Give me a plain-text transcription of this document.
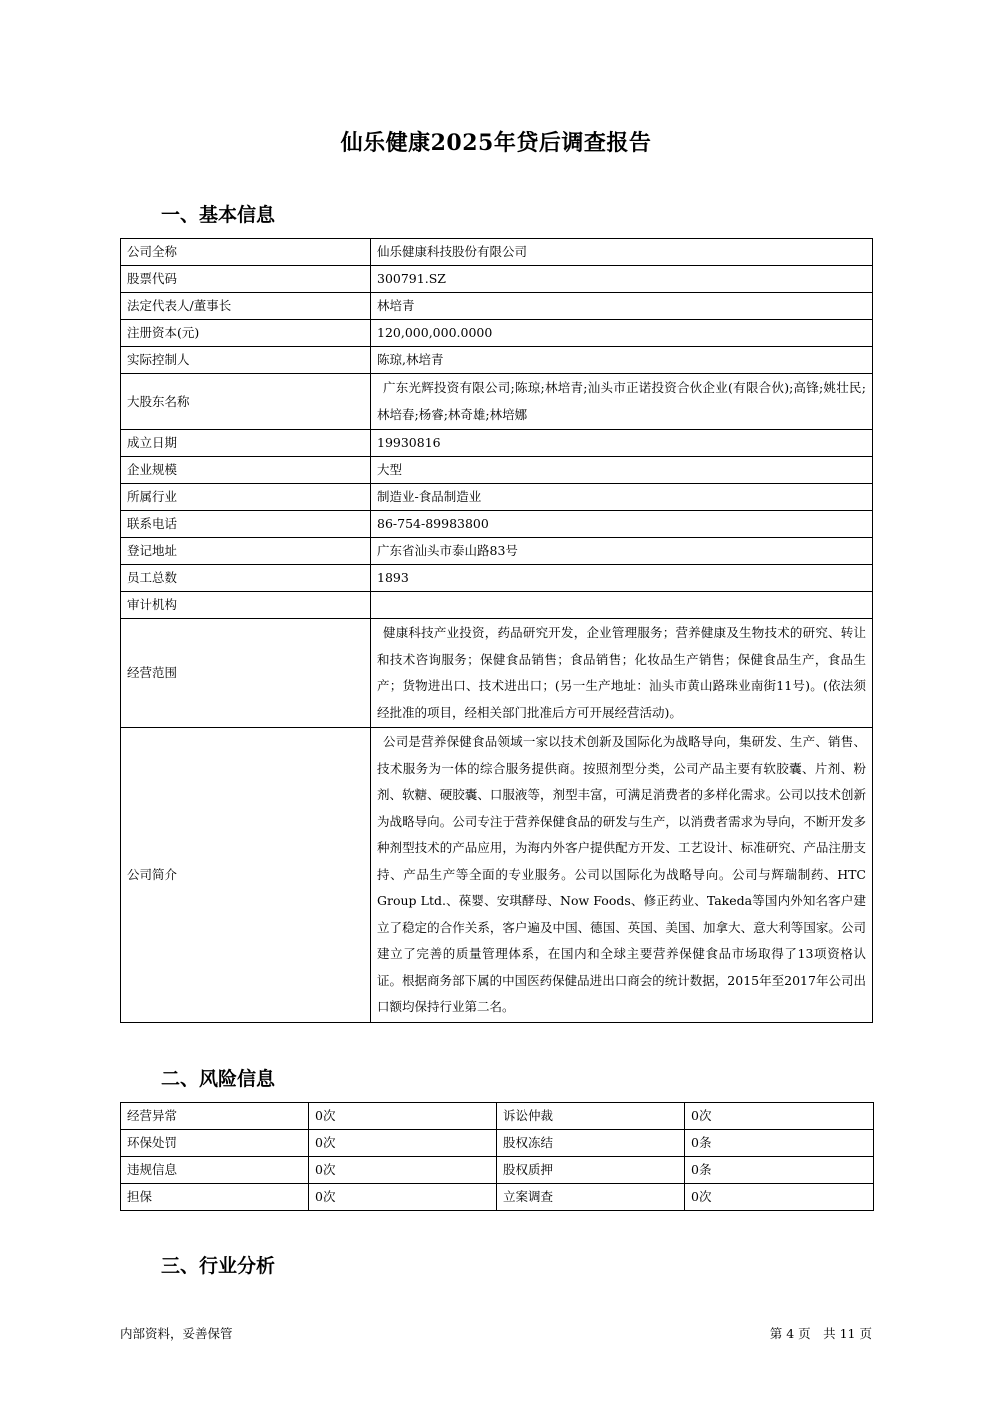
仙乐健康2025年贷后调查报告
一、基本信息
公司全称	仙乐健康科技股份有限公司
股票代码	300791.SZ
法定代表人/董事长	林培青
注册资本(元)	120,000,000.0000
实际控制人	陈琼,林培青
大股东名称	广东光辉投资有限公司;陈琼;林培青;汕头市正诺投资合伙企业(有限合伙);高锋;姚壮民;林培春;杨睿;林奇雄;林培娜
成立日期	19930816
企业规模	大型
所属行业	制造业-食品制造业
联系电话	86-754-89983800
登记地址	广东省汕头市泰山路83号
员工总数	1893
审计机构	
经营范围	健康科技产业投资，药品研究开发，企业管理服务；营养健康及生物技术的研究、转让和技术咨询服务；保健食品销售；食品销售；化妆品生产销售；保健食品生产，食品生产；货物进出口、技术进出口；(另一生产地址：汕头市黄山路珠业南街11号)。(依法须经批准的项目，经相关部门批准后方可开展经营活动)。
公司简介	公司是营养保健食品领域一家以技术创新及国际化为战略导向，集研发、生产、销售、技术服务为一体的综合服务提供商。按照剂型分类，公司产品主要有软胶囊、片剂、粉剂、软糖、硬胶囊、口服液等，剂型丰富，可满足消费者的多样化需求。公司以技术创新为战略导向。公司专注于营养保健食品的研发与生产，以消费者需求为导向，不断开发多种剂型技术的产品应用，为海内外客户提供配方开发、工艺设计、标准研究、产品注册支持、产品生产等全面的专业服务。公司以国际化为战略导向。公司与辉瑞制药、HTC Group Ltd.、葆婴、安琪酵母、Now Foods、修正药业、Takeda等国内外知名客户建立了稳定的合作关系，客户遍及中国、德国、英国、美国、加拿大、意大利等国家。公司建立了完善的质量管理体系，在国内和全球主要营养保健食品市场取得了13项资格认证。根据商务部下属的中国医药保健品进出口商会的统计数据，2015年至2017年公司出口额均保持行业第二名。
二、风险信息
经营异常	0次	诉讼仲裁	0次
环保处罚	0次	股权冻结	0条
违规信息	0次	股权质押	0条
担保	0次	立案调查	0次
三、行业分析
内部资料，妥善保管	第 4 页　共 11 页
